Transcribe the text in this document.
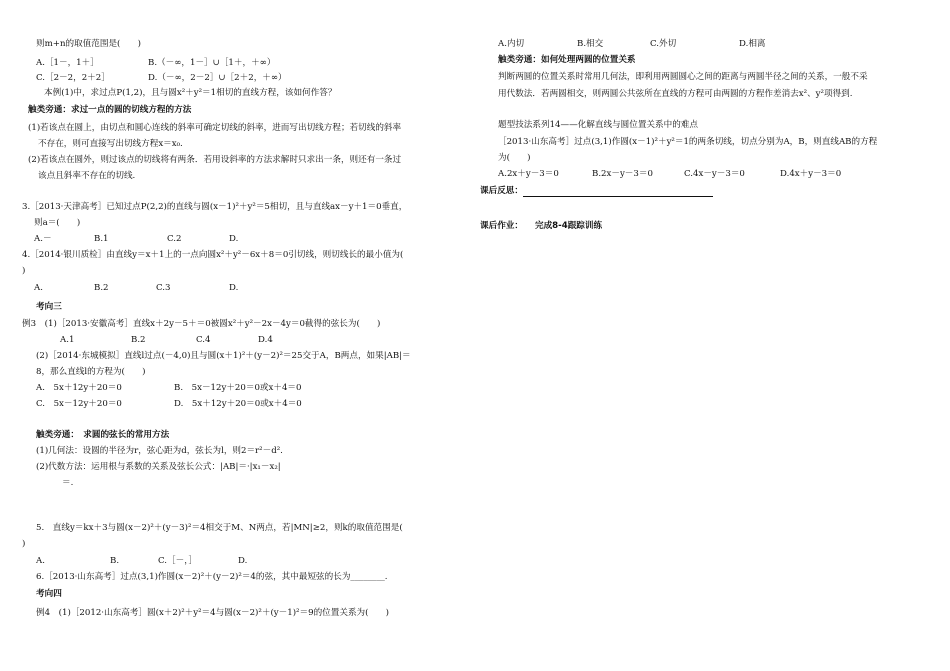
则m+n的取值范围是(　　)
A.［1－，1＋］	B.（－∞，1－］∪［1＋，＋∞）
C.［2－2，2＋2］	D.（－∞，2－2］∪［2＋2，＋∞）
本例(1)中，求过点P(1,2)，且与圆x²＋y²＝1相切的直线方程，该如何作答？
触类旁通：求过一点的圆的切线方程的方法
(1)若该点在圆上，由切点和圆心连线的斜率可确定切线的斜率，进而写出切线方程；若切线的斜率
不存在，则可直接写出切线方程x＝x₀.
(2)若该点在圆外，则过该点的切线将有两条．若用设斜率的方法求解时只求出一条，则还有一条过
该点且斜率不存在的切线.
3.［2013·天津高考］已知过点P(2,2)的直线与圆(x－1)²＋y²＝5相切，且与直线ax－y＋1＝0垂直，
则a＝(　　)
A.－	B.1	C.2	D.
4.［2014·银川质检］由直线y＝x＋1上的一点向圆x²＋y²－6x＋8＝0引切线，则切线长的最小值为(
)
A.	B.2	C.3	D.
考向三
例3　(1)［2013·安徽高考］直线x＋2y－5＋＝0被圆x²＋y²－2x－4y＝0截得的弦长为(　　)
A.1	B.2	C.4	D.4
(2)［2014·东城模拟］直线l过点(－4,0)且与圆(x＋1)²＋(y－2)²＝25交于A，B两点，如果|AB|＝
8，那么直线l的方程为(　　)
A.　5x＋12y＋20＝0	B.　5x－12y＋20＝0或x＋4＝0
C.　5x－12y＋20＝0	D.　5x＋12y＋20＝0或x＋4＝0
触类旁通：　求圆的弦长的常用方法
(1)几何法：设圆的半径为r，弦心距为d，弦长为l，则2＝r²－d².
(2)代数方法：运用根与系数的关系及弦长公式：|AB|＝·|x₁－x₂|
＝.
5.　直线y＝kx＋3与圆(x－2)²＋(y－3)²＝4相交于M、N两点，若|MN|≥2，则k的取值范围是(
)
A.	B.	C.［－，］	D.
6.［2013·山东高考］过点(3,1)作圆(x－2)²＋(y－2)²＝4的弦，其中最短弦的长为________.
考向四
例4　(1)［2012·山东高考］圆(x＋2)²＋y²＝4与圆(x－2)²＋(y－1)²＝9的位置关系为(　　)
A.内切	B.相交	C.外切	D.相离
触类旁通：如何处理两圆的位置关系
判断两圆的位置关系时常用几何法，即利用两圆圆心之间的距离与两圆半径之间的关系，一般不采
用代数法．若两圆相交，则两圆公共弦所在直线的方程可由两圆的方程作差消去x²、y²项得到.
题型技法系列14——化解直线与圆位置关系中的难点
［2013·山东高考］过点(3,1)作圆(x－1)²＋y²＝1的两条切线，切点分别为A，B，则直线AB的方程
为(　　)
A.2x＋y－3＝0	B.2x－y－3＝0	C.4x－y－3＝0	D.4x＋y－3＝0
课后反思：
课后作业： 完成8-4跟踪训练
